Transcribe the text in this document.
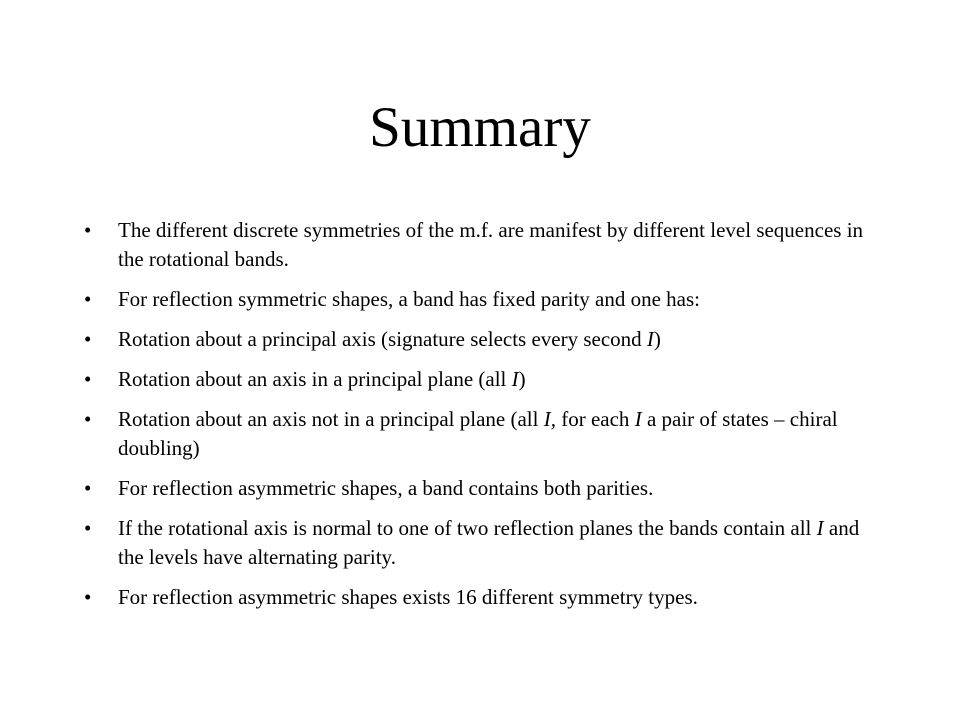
Summary
•	The different discrete symmetries of the m.f. are manifest by different level sequences in the rotational bands.
•	For reflection symmetric shapes, a band has fixed parity and one has:
•	Rotation about a principal axis (signature selects every second I)
•	Rotation about an axis in a principal plane (all I)
•	Rotation about an axis not in a principal plane (all I, for each I a pair of states – chiral doubling)
•	For reflection asymmetric shapes, a band contains both parities.
•	If the rotational axis is normal to one of two reflection planes the bands contain all I and the levels have alternating parity.
•	For reflection asymmetric shapes exists 16 different symmetry types.
